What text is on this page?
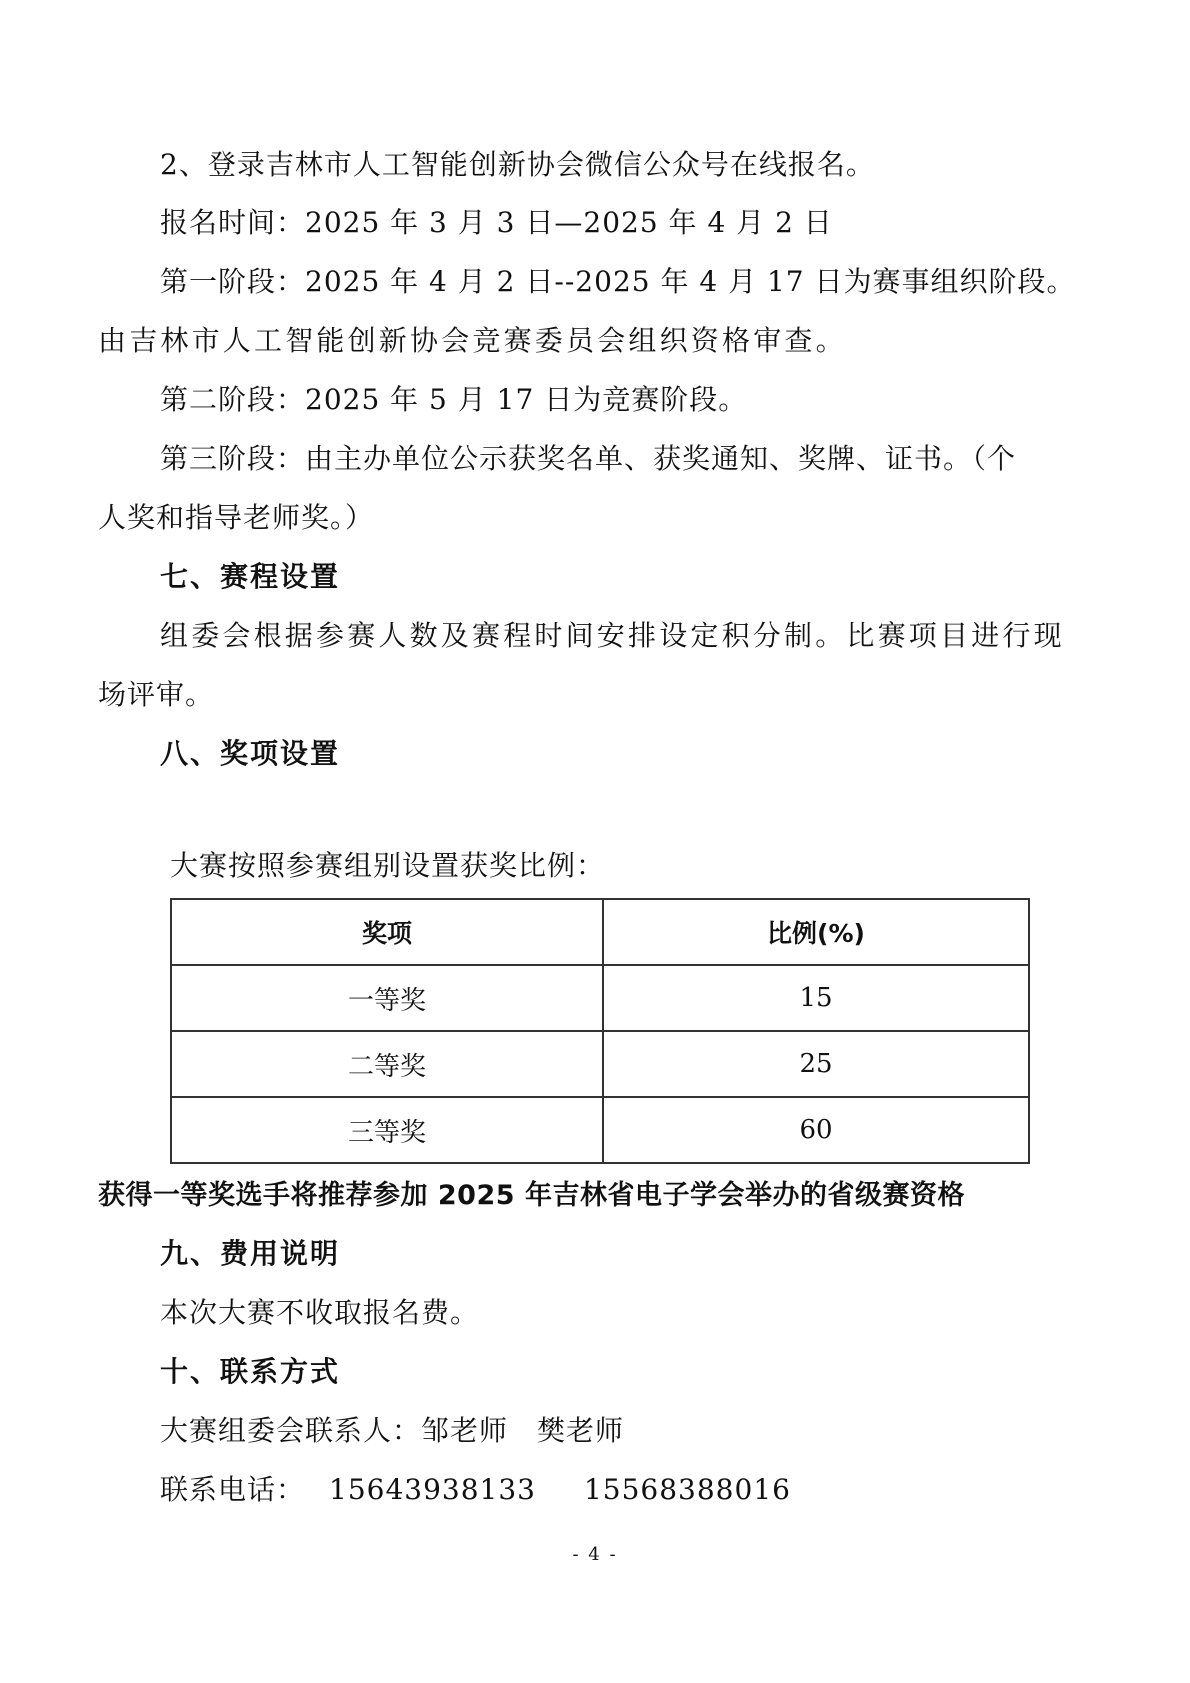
2、登录吉林市人工智能创新协会微信公众号在线报名。
报名时间：2025 年 3 月 3 日—2025 年 4 月 2 日
第一阶段：2025 年 4 月 2 日--2025 年 4 月 17 日为赛事组织阶段。
由吉林市人工智能创新协会竞赛委员会组织资格审查。
第二阶段：2025 年 5 月 17 日为竞赛阶段。
第三阶段：由主办单位公示获奖名单、获奖通知、奖牌、证书。（个
人奖和指导老师奖。）
七、赛程设置
组委会根据参赛人数及赛程时间安排设定积分制。比赛项目进行现
场评审。
八、奖项设置
大赛按照参赛组别设置获奖比例：
奖项	比例(%)
一等奖	15
二等奖	25
三等奖	60
获得一等奖选手将推荐参加 2025 年吉林省电子学会举办的省级赛资格
九、费用说明
本次大赛不收取报名费。
十、联系方式
大赛组委会联系人：邹老师　樊老师
联系电话： 15643938133 15568388016
- 4 -
